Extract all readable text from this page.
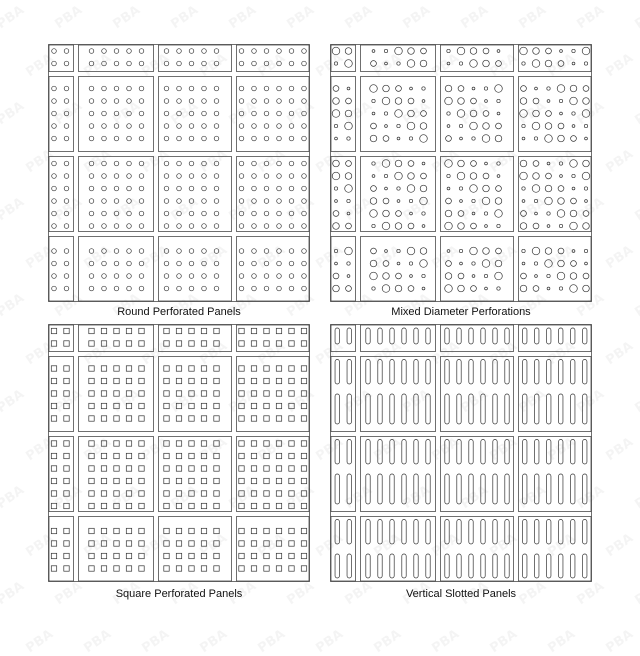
Round Perforated Panels	Mixed Diameter Perforations
Square Perforated Panels	Vertical Slotted Panels
